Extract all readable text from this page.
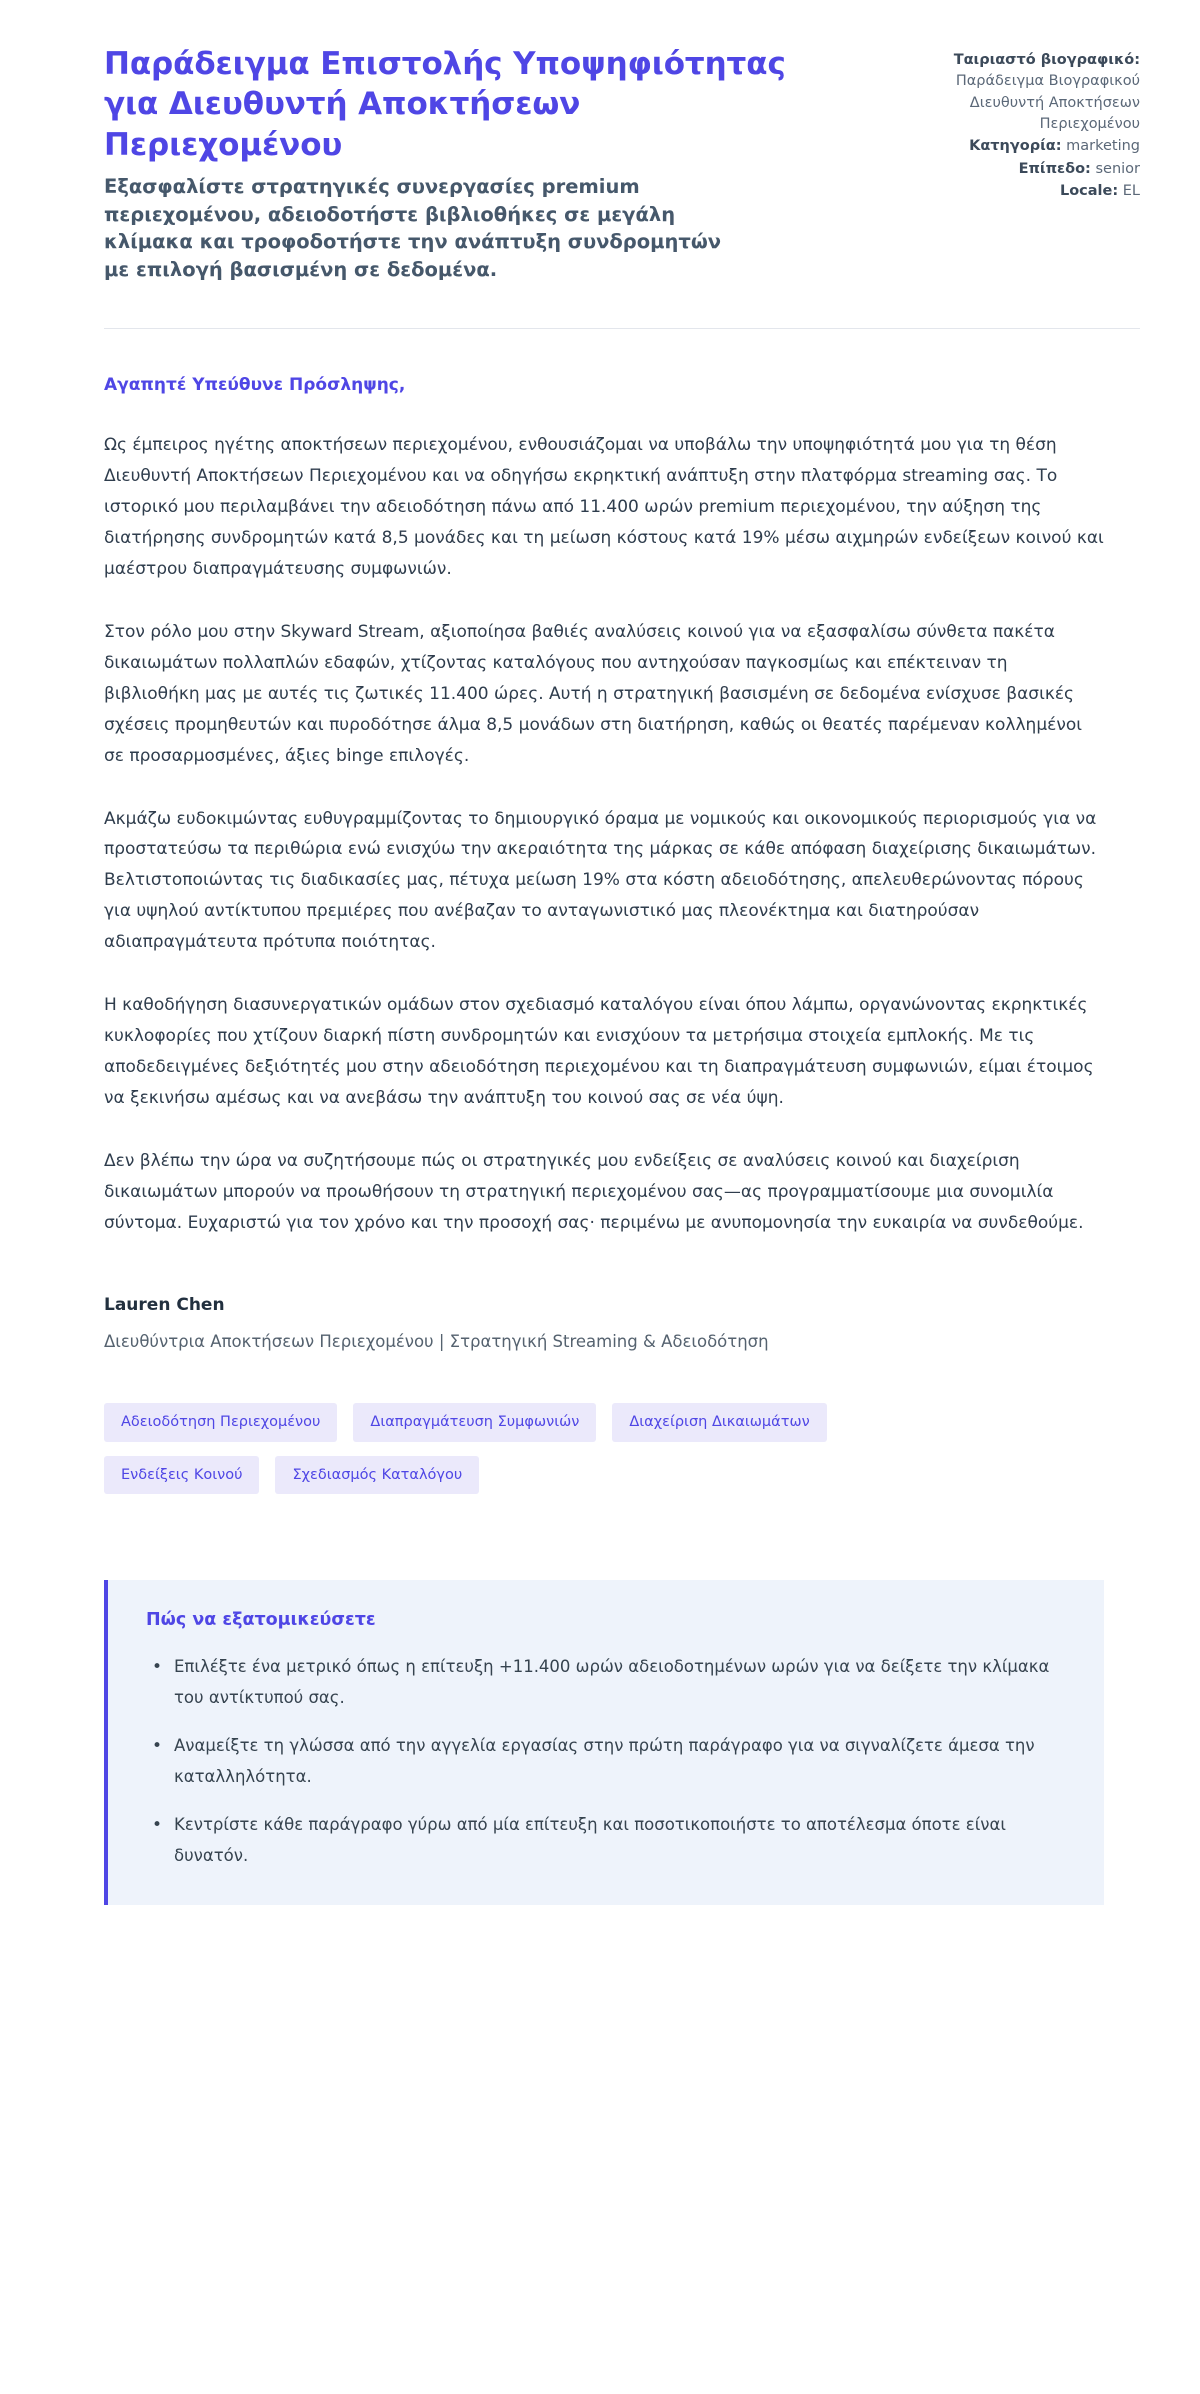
Παράδειγμα Επιστολής Υποψηφιότητας για Διευθυντή Αποκτήσεων Περιεχομένου

Εξασφαλίστε στρατηγικές συνεργασίες premium περιεχομένου, αδειοδοτήστε βιβλιοθήκες σε μεγάλη κλίμακα και τροφοδοτήστε την ανάπτυξη συνδρομητών με επιλογή βασισμένη σε δεδομένα.

Ταιριαστό βιογραφικό:
Παράδειγμα Βιογραφικού Διευθυντή Αποκτήσεων Περιεχομένου
Κατηγορία: marketing
Επίπεδο: senior
Locale: EL

Αγαπητέ Υπεύθυνε Πρόσληψης,

Ως έμπειρος ηγέτης αποκτήσεων περιεχομένου, ενθουσιάζομαι να υποβάλω την υποψηφιότητά μου για τη θέση Διευθυντή Αποκτήσεων Περιεχομένου και να οδηγήσω εκρηκτική ανάπτυξη στην πλατφόρμα streaming σας. Το ιστορικό μου περιλαμβάνει την αδειοδότηση πάνω από 11.400 ωρών premium περιεχομένου, την αύξηση της διατήρησης συνδρομητών κατά 8,5 μονάδες και τη μείωση κόστους κατά 19% μέσω αιχμηρών ενδείξεων κοινού και μαέστρου διαπραγμάτευσης συμφωνιών.

Στον ρόλο μου στην Skyward Stream, αξιοποίησα βαθιές αναλύσεις κοινού για να εξασφαλίσω σύνθετα πακέτα δικαιωμάτων πολλαπλών εδαφών, χτίζοντας καταλόγους που αντηχούσαν παγκοσμίως και επέκτειναν τη βιβλιοθήκη μας με αυτές τις ζωτικές 11.400 ώρες. Αυτή η στρατηγική βασισμένη σε δεδομένα ενίσχυσε βασικές σχέσεις προμηθευτών και πυροδότησε άλμα 8,5 μονάδων στη διατήρηση, καθώς οι θεατές παρέμεναν κολλημένοι σε προσαρμοσμένες, άξιες binge επιλογές.

Ακμάζω ευδοκιμώντας ευθυγραμμίζοντας το δημιουργικό όραμα με νομικούς και οικονομικούς περιορισμούς για να προστατεύσω τα περιθώρια ενώ ενισχύω την ακεραιότητα της μάρκας σε κάθε απόφαση διαχείρισης δικαιωμάτων. Βελτιστοποιώντας τις διαδικασίες μας, πέτυχα μείωση 19% στα κόστη αδειοδότησης, απελευθερώνοντας πόρους για υψηλού αντίκτυπου πρεμιέρες που ανέβαζαν το ανταγωνιστικό μας πλεονέκτημα και διατηρούσαν αδιαπραγμάτευτα πρότυπα ποιότητας.

Η καθοδήγηση διασυνεργατικών ομάδων στον σχεδιασμό καταλόγου είναι όπου λάμπω, οργανώνοντας εκρηκτικές κυκλοφορίες που χτίζουν διαρκή πίστη συνδρομητών και ενισχύουν τα μετρήσιμα στοιχεία εμπλοκής. Με τις αποδεδειγμένες δεξιότητές μου στην αδειοδότηση περιεχομένου και τη διαπραγμάτευση συμφωνιών, είμαι έτοιμος να ξεκινήσω αμέσως και να ανεβάσω την ανάπτυξη του κοινού σας σε νέα ύψη.

Δεν βλέπω την ώρα να συζητήσουμε πώς οι στρατηγικές μου ενδείξεις σε αναλύσεις κοινού και διαχείριση δικαιωμάτων μπορούν να προωθήσουν τη στρατηγική περιεχομένου σας—ας προγραμματίσουμε μια συνομιλία σύντομα. Ευχαριστώ για τον χρόνο και την προσοχή σας· περιμένω με ανυπομονησία την ευκαιρία να συνδεθούμε.

Lauren Chen

Διευθύντρια Αποκτήσεων Περιεχομένου | Στρατηγική Streaming & Αδειοδότηση

Αδειοδότηση Περιεχομένου	Διαπραγμάτευση Συμφωνιών	Διαχείριση Δικαιωμάτων
Ενδείξεις Κοινού	Σχεδιασμός Καταλόγου

Πώς να εξατομικεύσετε

• Επιλέξτε ένα μετρικό όπως η επίτευξη +11.400 ωρών αδειοδοτημένων ωρών για να δείξετε την κλίμακα του αντίκτυπού σας.
• Αναμείξτε τη γλώσσα από την αγγελία εργασίας στην πρώτη παράγραφο για να σιγναλίζετε άμεσα την καταλληλότητα.
• Κεντρίστε κάθε παράγραφο γύρω από μία επίτευξη και ποσοτικοποιήστε το αποτέλεσμα όποτε είναι δυνατόν.
